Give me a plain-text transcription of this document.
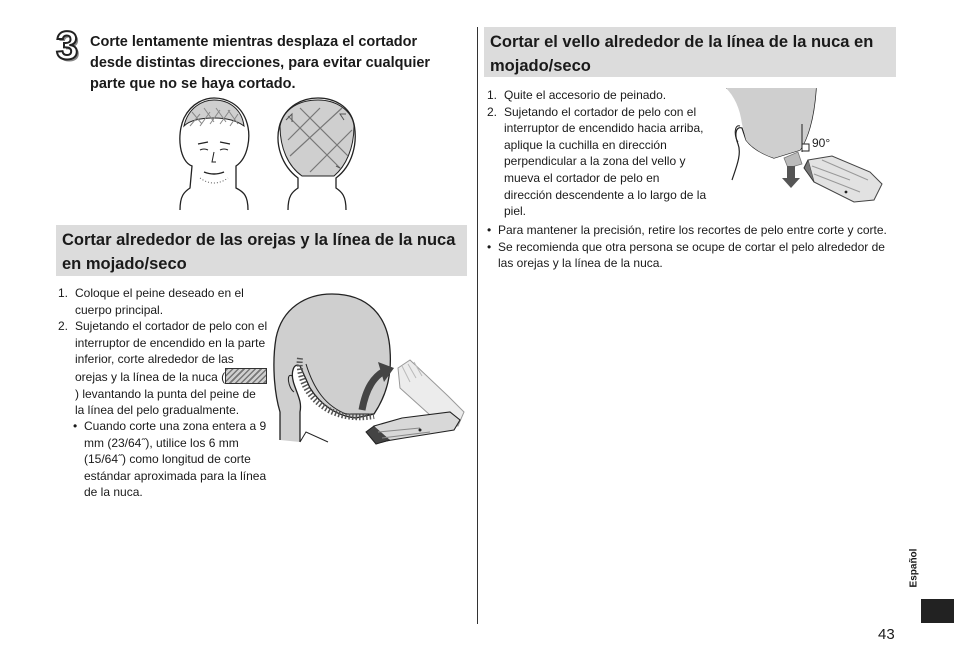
3 Corte lentamente mientras desplaza el cortador desde distintas direcciones, para evitar cualquier parte que no se haya cortado.

Cortar alrededor de las orejas y la línea de la nuca en mojado/seco
1. Coloque el peine deseado en el cuerpo principal.
2. Sujetando el cortador de pelo con el interruptor de encendido en la parte inferior, corte alrededor de las orejas y la línea de la nuca () levantando la punta del peine de la línea del pelo gradualmente.
• Cuando corte una zona entera a 9 mm (23/64˝), utilice los 6 mm (15/64˝) como longitud de corte estándar aproximada para la línea de la nuca.
Cortar el vello alrededor de la línea de la nuca en mojado/seco
1. Quite el accesorio de peinado.
2. Sujetando el cortador de pelo con el interruptor de encendido hacia arriba, aplique la cuchilla en dirección perpendicular a la zona del vello y mueva el cortador de pelo en dirección descendente a lo largo de la piel.
90°
• Para mantener la precisión, retire los recortes de pelo entre corte y corte.
• Se recomienda que otra persona se ocupe de cortar el pelo alrededor de las orejas y la línea de la nuca.
Español
43
